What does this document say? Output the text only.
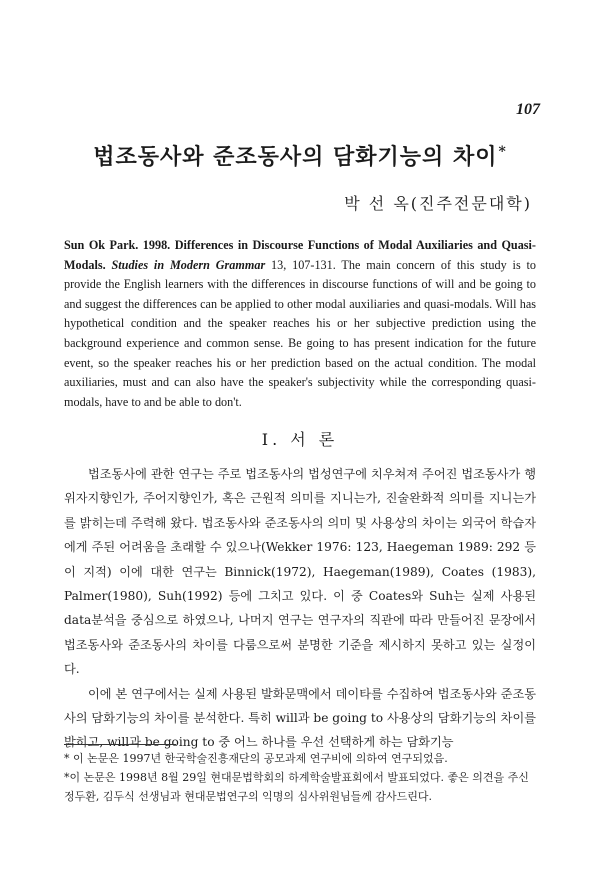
107
법조동사와 준조동사의 담화기능의 차이*
박 선 옥(진주전문대학)
Sun Ok Park. 1998. Differences in Discourse Functions of Modal Auxiliaries and Quasi-Modals. Studies in Modern Grammar 13, 107-131. The main concern of this study is to provide the English learners with the differences in discourse functions of will and be going to and suggest the differences can be applied to other modal auxiliaries and quasi-modals. Will has hypothetical condition and the speaker reaches his or her subjective prediction using the background experience and common sense. Be going to has present indication for the future event, so the speaker reaches his or her prediction based on the actual condition. The modal auxiliaries, must and can also have the speaker's subjectivity while the corresponding quasi-modals, have to and be able to don't.
I. 서 론

법조동사에 관한 연구는 주로 법조동사의 법성연구에 치우쳐져 주어진 법조동사가 행위자지향인가, 주어지향인가, 혹은 근원적 의미를 지니는가, 진술완화적 의미를 지니는가를 밝히는데 주력해 왔다. 법조동사와 준조동사의 의미 및 사용상의 차이는 외국어 학습자에게 주된 어려움을 초래할 수 있으나(Wekker 1976: 123, Haegeman 1989: 292 등이 지적) 이에 대한 연구는 Binnick(1972), Haegeman(1989), Coates (1983), Palmer(1980), Suh(1992) 등에 그치고 있다. 이 중 Coates와 Suh는 실제 사용된 data분석을 중심으로 하였으나, 나머지 연구는 연구자의 직관에 따라 만들어진 문장에서 법조동사와 준조동사의 차이를 다룸으로써 분명한 기준을 제시하지 못하고 있는 실정이다.

이에 본 연구에서는 실제 사용된 발화문맥에서 데이타를 수집하여 법조동사와 준조동사의 담화기능의 차이를 분석한다. 특히 will과 be going to 사용상의 담화기능의 차이를 밝히고, will과 be going to 중 어느 하나를 우선 선택하게 하는 담화기능

* 이 논문은 1997년 한국학술진흥재단의 공모과제 연구비에 의하여 연구되었음.

*이 논문은 1998년 8월 29일 현대문법학회의 하계학술발표회에서 발표되었다. 좋은 의견을 주신 정두환, 김두식 선생님과 현대문법연구의 익명의 심사위원님들께 감사드린다.
